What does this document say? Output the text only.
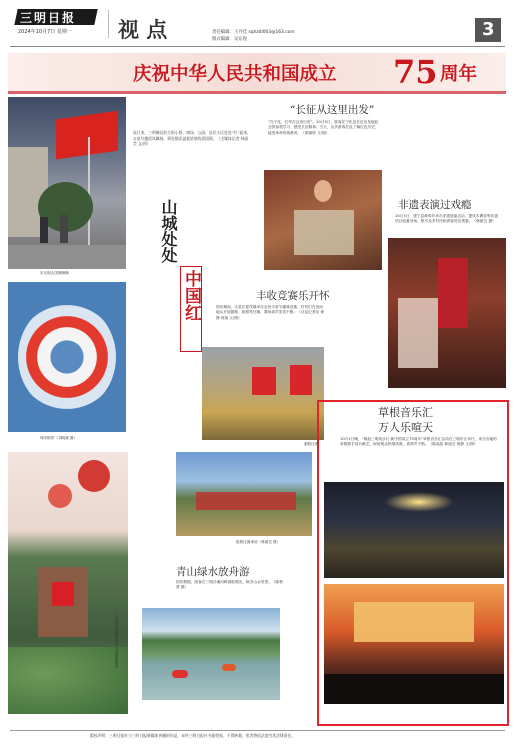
三明日报
2024年10月7日 星期一 视 点	责任编辑：王丹佳 sqhzdl003@163.com
版式编辑：吴东悦	3
庆祝中华人民共和国成立 75 周年
市区街头国旗飘飘
城市街景（刘晓斌 摄）
三元区格氏栲国家森林公园国旗飘扬
连日来，三明城区的大街小巷、商场、公园、居民小区处处“红”起来，五星红旗迎风飘扬，到处都洋溢着浓浓的爱国情。（全媒体记者 林丽芸 文/图）
山城处处
中国红
“长征从这里出发”
“在宁化，红军在这里出发”。10月5日，游客在宁化县长征出发地纪念馆参观学习，感受长征精神。当天，众多游客在此了解红色历史，接受革命传统教育。（廖丽婷 文/图）
非遗表演过戏瘾
10月3日，建宁县黄埠乡举办非遗展演活动，提线木偶戏等非遗项目轮番登场，吸引众多村民和游客驻足观看。（林丽芸 摄）
丰收竞赛乐开怀
国庆期间，沙县区夏茂镇举办农民丰收节趣味竞赛，村民们在田间地头开展割稻、挑稻等比赛，赛场欢声笑语不断。（沙县记者站 黄静 蒋琼 文/图）
割稻比赛
挑稻比赛现场（林丽芸 摄）
青山绿水放舟游
国庆假期，游客在三明沙溪河畔游船观光，畅享山水美景。（陈秋燕 摄）
草根音乐汇
万人乐喧天
10月1日晚，“缘起三明欢乐行·新中国成立75周年”草根音乐汇活动在三明市区举行，来自各地的草根歌手同台献艺，现场观众热情高涨，欢呼声不断。（陈晶晶 林丽芸 黄静 文/图）
版权声明：三明日报社与三明日报新媒体传播的作品，未经三明日报社书面授权，不得转载，违者将依法追究其法律责任。
